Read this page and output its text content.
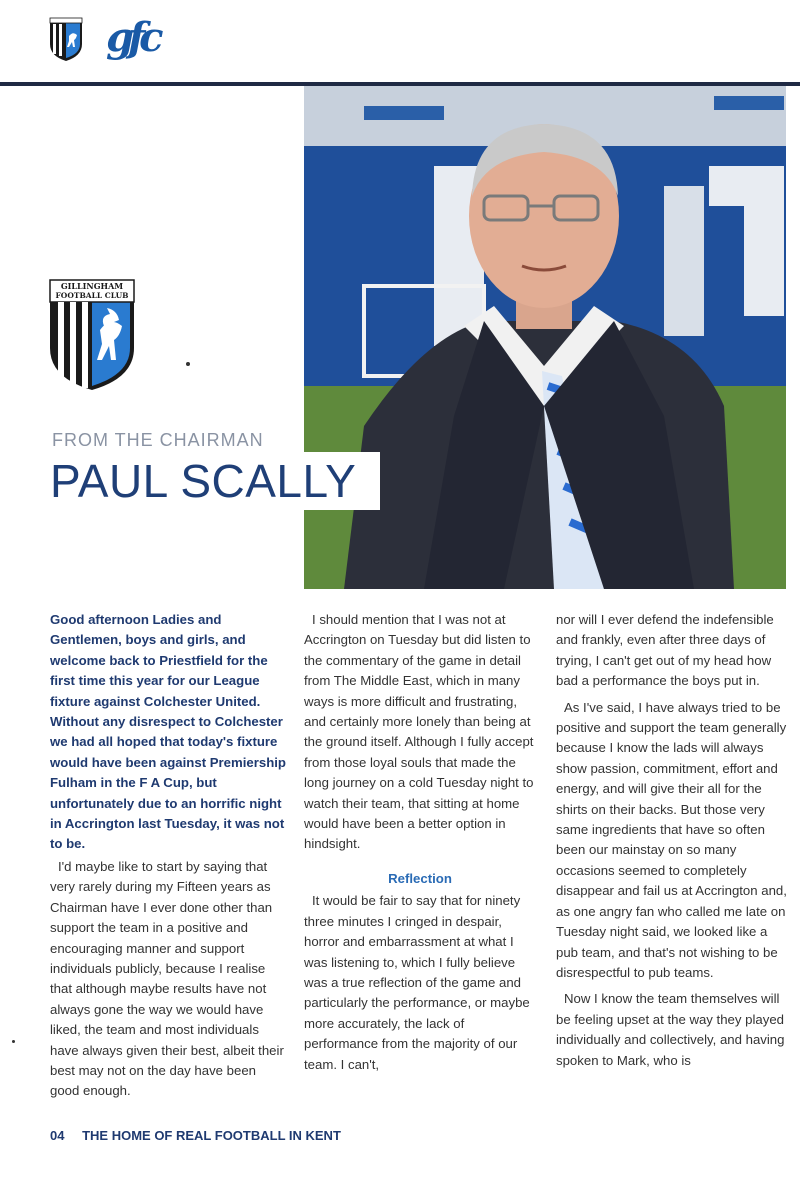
gfc
GILLINGHAM
FOOTBALL CLUB
FROM THE CHAIRMAN
PAUL SCALLY

Good afternoon Ladies and Gentlemen, boys and girls, and welcome back to Priestfield for the first time this year for our League fixture against Colchester United. Without any disrespect to Colchester we had all hoped that today's fixture would have been against Premiership Fulham in the F A Cup, but unfortunately due to an horrific night in Accrington last Tuesday, it was not to be.

I'd maybe like to start by saying that very rarely during my Fifteen years as Chairman have I ever done other than support the team in a positive and encouraging manner and support individuals publicly, because I realise that although maybe results have not always gone the way we would have liked, the team and most individuals have always given their best, albeit their best may not on the day have been good enough.

I should mention that I was not at Accrington on Tuesday but did listen to the commentary of the game in detail from The Middle East, which in many ways is more difficult and frustrating, and certainly more lonely than being at the ground itself. Although I fully accept from those loyal souls that made the long journey on a cold Tuesday night to watch their team, that sitting at home would have been a better option in hindsight.

Reflection

It would be fair to say that for ninety three minutes I cringed in despair, horror and embarrassment at what I was listening to, which I fully believe was a true reflection of the game and particularly the performance, or maybe more accurately, the lack of performance from the majority of our team. I can't,

nor will I ever defend the indefensible and frankly, even after three days of trying, I can't get out of my head how bad a performance the boys put in.

As I've said, I have always tried to be positive and support the team generally because I know the lads will always show passion, commitment, effort and energy, and will give their all for the shirts on their backs. But those very same ingredients that have so often been our mainstay on so many occasions seemed to completely disappear and fail us at Accrington and, as one angry fan who called me late on Tuesday night said, we looked like a pub team, and that's not wishing to be disrespectful to pub teams.

Now I know the team themselves will be feeling upset at the way they played individually and collectively, and having spoken to Mark, who is

04 THE HOME OF REAL FOOTBALL IN KENT
